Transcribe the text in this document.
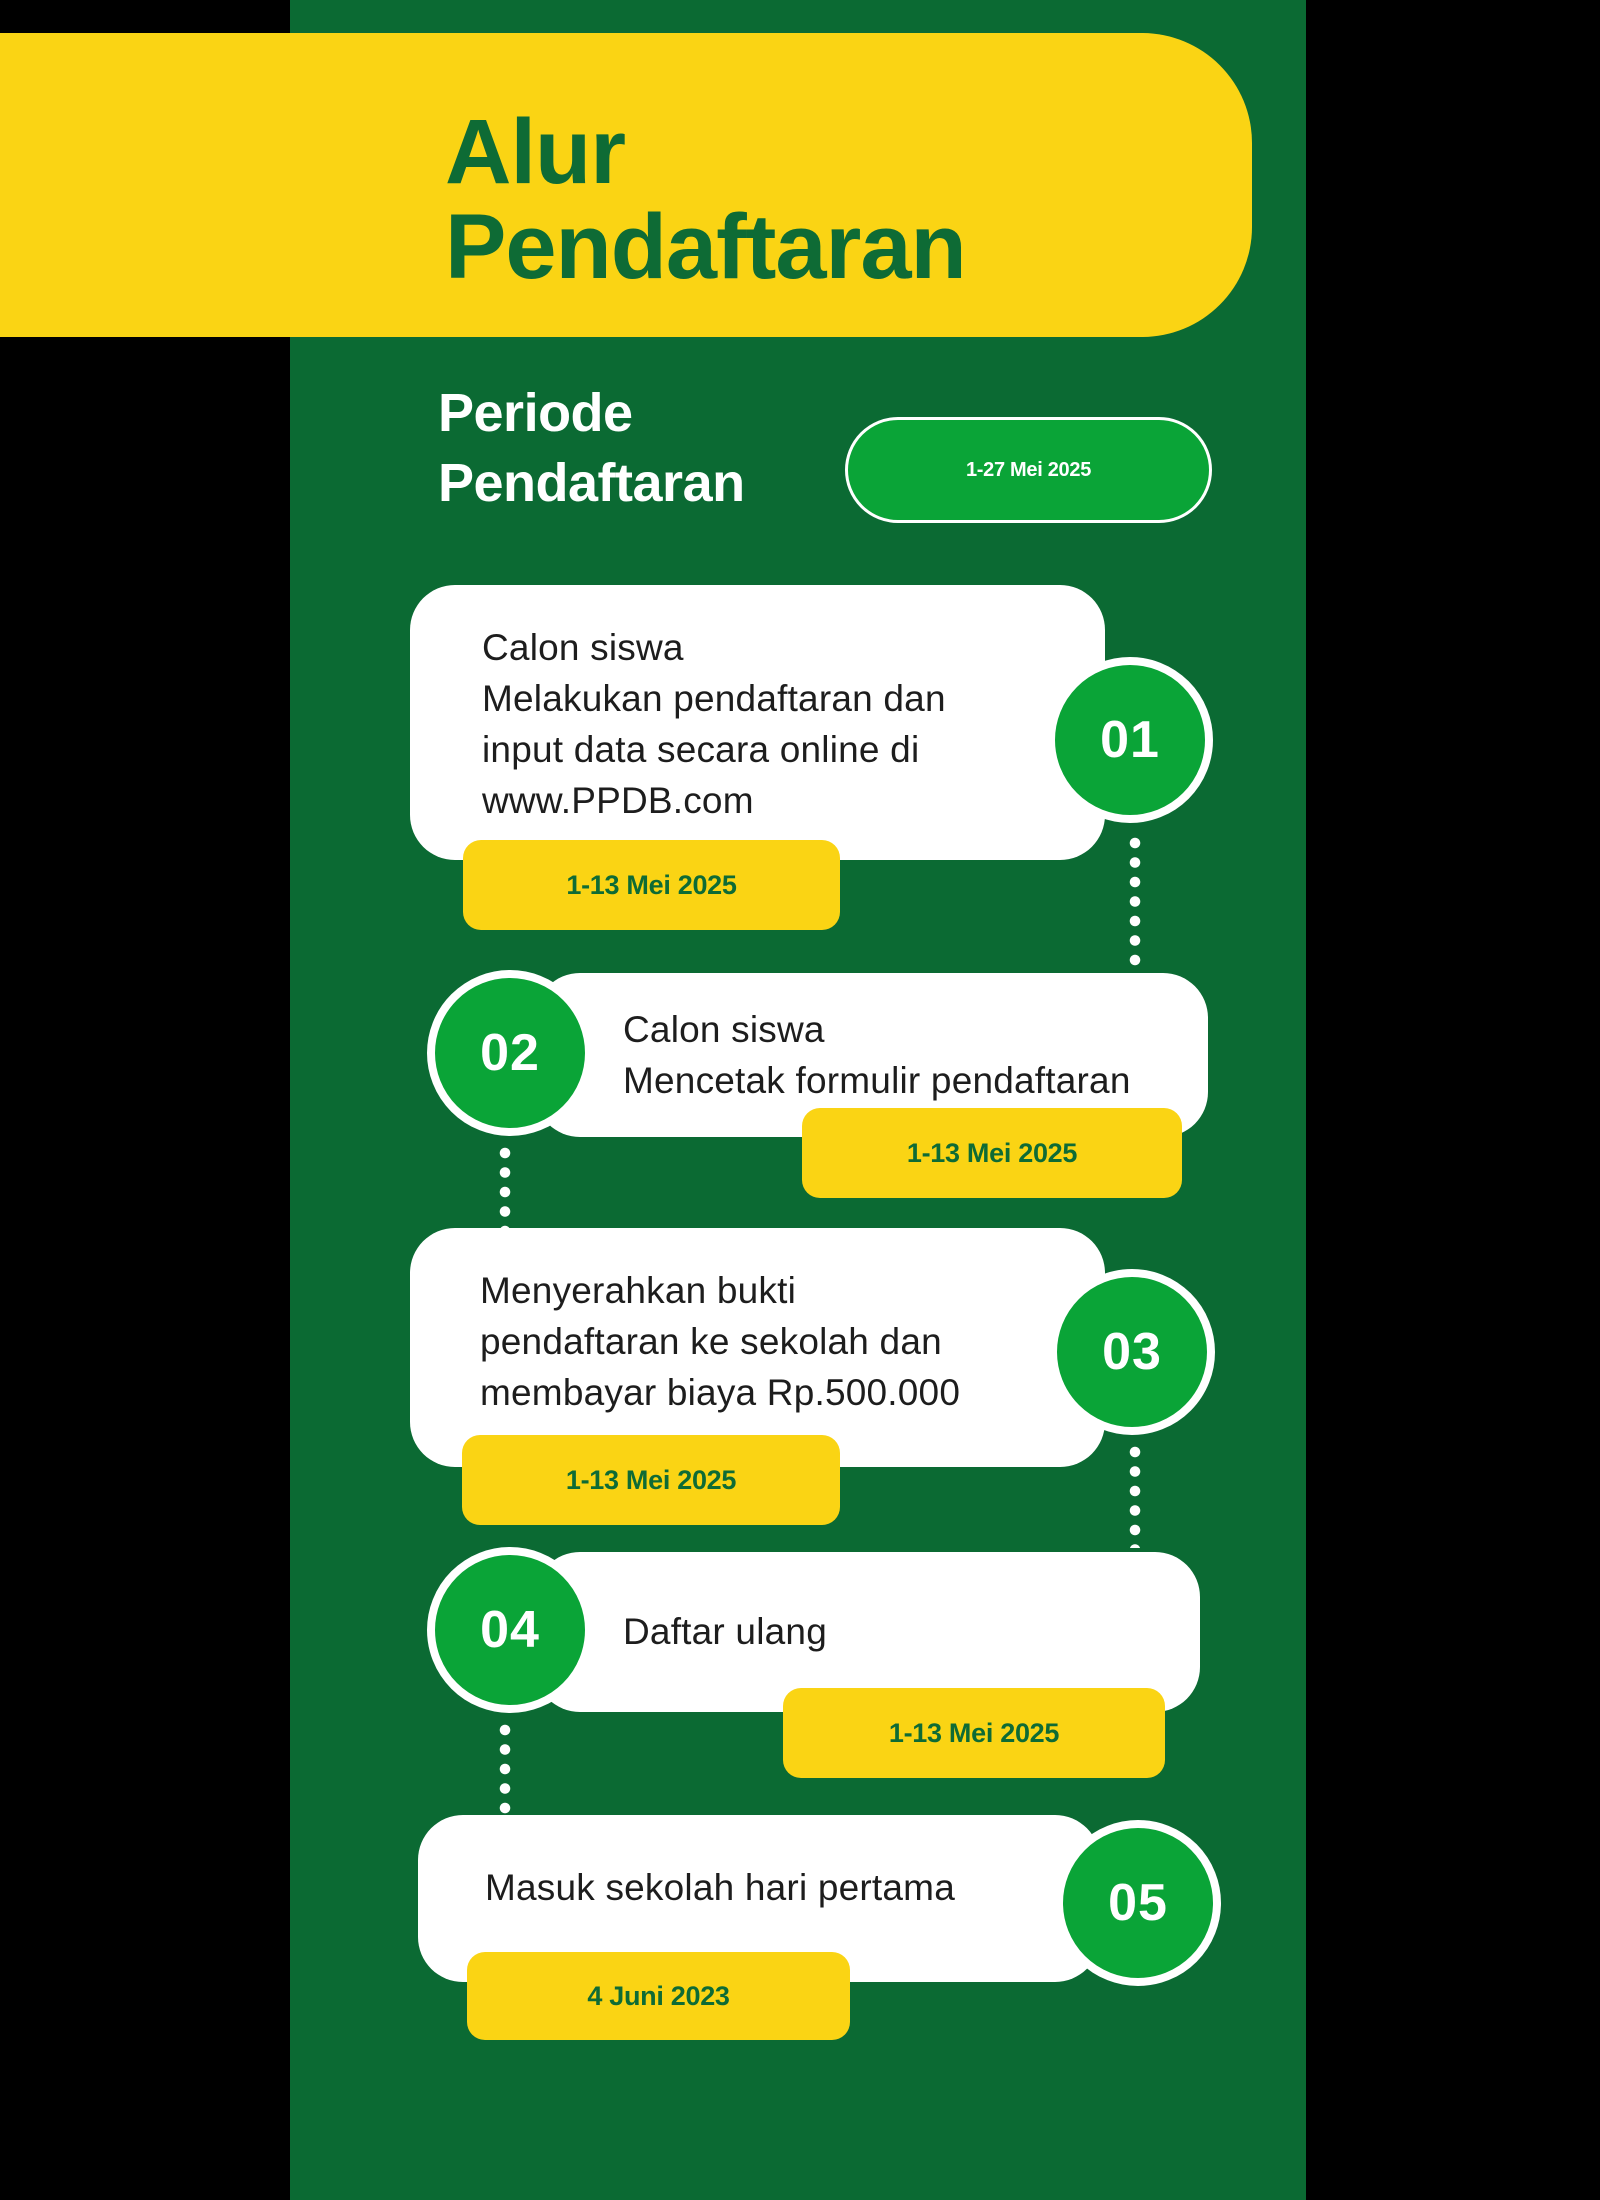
Alur
Pendaftaran
Periode
Pendaftaran	1-27 Mei 2025
Calon siswa
Melakukan pendaftaran dan
input data secara online di
www.PPDB.com
1-13 Mei 2025
01
Calon siswa
Mencetak formulir pendaftaran
1-13 Mei 2025
02
Menyerahkan bukti
pendaftaran ke sekolah dan
membayar biaya Rp.500.000
1-13 Mei 2025
03
Daftar ulang
1-13 Mei 2025
04
Masuk sekolah hari pertama
4 Juni 2023
05
